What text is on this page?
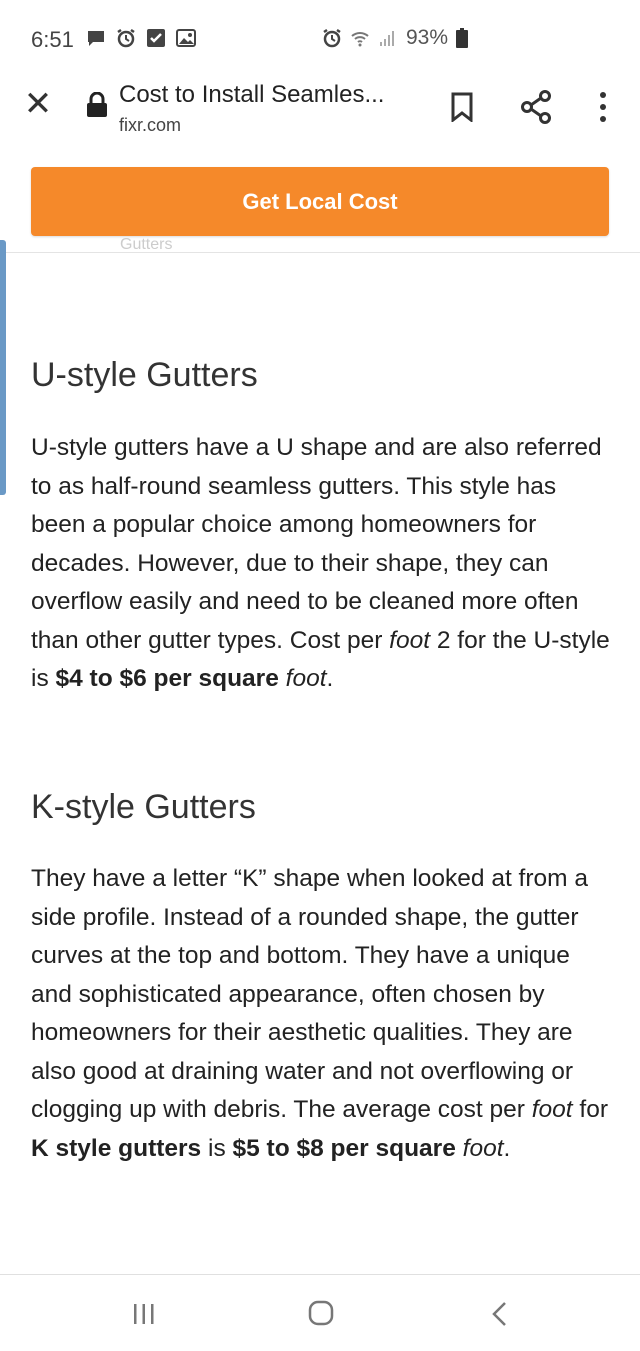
6:51	93%
✕	Cost to Install Seamles...
fixr.com
Get Local Cost
Gutters
U-style Gutters

U-style gutters have a U shape and are also referred to as half-round seamless gutters. This style has been a popular choice among homeowners for decades. However, due to their shape, they can overflow easily and need to be cleaned more often than other gutter types. Cost per foot 2 for the U-style is $4 to $6 per square foot.

K-style Gutters

They have a letter “K” shape when looked at from a side profile. Instead of a rounded shape, the gutter curves at the top and bottom. They have a unique and sophisticated appearance, often chosen by homeowners for their aesthetic qualities. They are also good at draining water and not overflowing or clogging up with debris. The average cost per foot for K style gutters is $5 to $8 per square foot.
